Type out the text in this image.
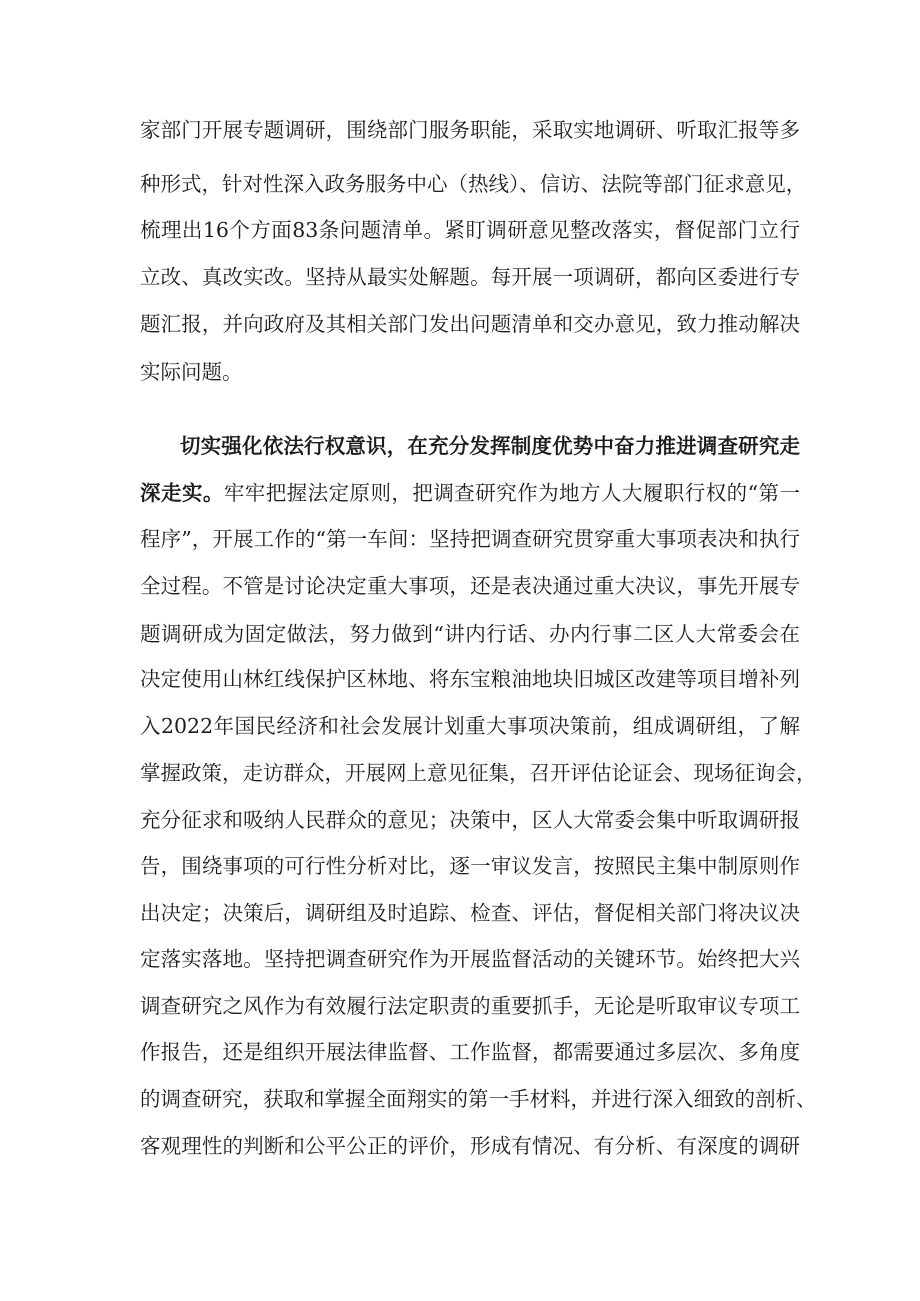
家部门开展专题调研，围绕部门服务职能，采取实地调研、听取汇报等多
种形式，针对性深入政务服务中心（热线）、信访、法院等部门征求意见，
梳理出16个方面83条问题清单。紧盯调研意见整改落实，督促部门立行
立改、真改实改。坚持从最实处解题。每开展一项调研，都向区委进行专
题汇报，并向政府及其相关部门发出问题清单和交办意见，致力推动解决
实际问题。
切实强化依法行权意识，在充分发挥制度优势中奋力推进调查研究走
深走实。牢牢把握法定原则，把调查研究作为地方人大履职行权的“第一
程序”，开展工作的“第一车间：坚持把调查研究贯穿重大事项表决和执行
全过程。不管是讨论决定重大事项，还是表决通过重大决议，事先开展专
题调研成为固定做法，努力做到“讲内行话、办内行事二区人大常委会在
决定使用山林红线保护区林地、将东宝粮油地块旧城区改建等项目增补列
入2022年国民经济和社会发展计划重大事项决策前，组成调研组，了解
掌握政策，走访群众，开展网上意见征集，召开评估论证会、现场征询会，
充分征求和吸纳人民群众的意见；决策中，区人大常委会集中听取调研报
告，围绕事项的可行性分析对比，逐一审议发言，按照民主集中制原则作
出决定；决策后，调研组及时追踪、检查、评估，督促相关部门将决议决
定落实落地。坚持把调查研究作为开展监督活动的关键环节。始终把大兴
调查研究之风作为有效履行法定职责的重要抓手，无论是听取审议专项工
作报告，还是组织开展法律监督、工作监督，都需要通过多层次、多角度
的调查研究，获取和掌握全面翔实的第一手材料，并进行深入细致的剖析、
客观理性的判断和公平公正的评价，形成有情况、有分析、有深度的调研
